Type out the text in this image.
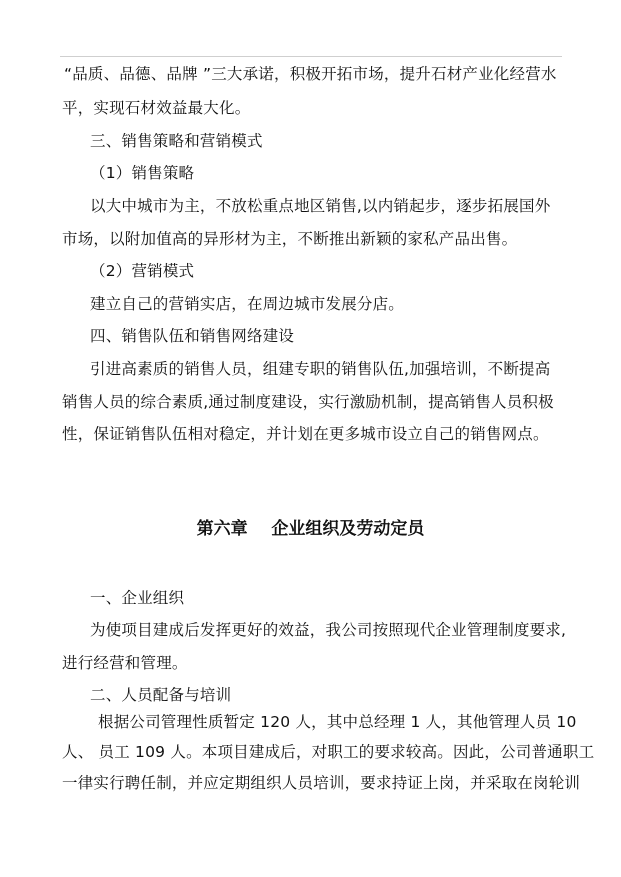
“品质、品德、品牌 ”三大承诺，积极开拓市场，提升石材产业化经营水
平，实现石材效益最大化。
三、销售策略和营销模式
（1）销售策略
以大中城市为主，不放松重点地区销售,以内销起步，逐步拓展国外
市场，以附加值高的异形材为主，不断推出新颖的家私产品出售。
（2）营销模式
建立自己的营销实店，在周边城市发展分店。
四、销售队伍和销售网络建设
引进高素质的销售人员，组建专职的销售队伍,加强培训，不断提高
销售人员的综合素质,通过制度建设，实行激励机制，提高销售人员积极
性，保证销售队伍相对稳定，并计划在更多城市设立自己的销售网点。
第六章    企业组织及劳动定员
一、企业组织
为使项目建成后发挥更好的效益，我公司按照现代企业管理制度要求,
进行经营和管理。
二、人员配备与培训
根据公司管理性质暂定 120 人，其中总经理 1 人，其他管理人员 10
人、 员工 109 人。本项目建成后，对职工的要求较高。因此，公司普通职工
一律实行聘任制，并应定期组织人员培训，要求持证上岗，并采取在岗轮训
